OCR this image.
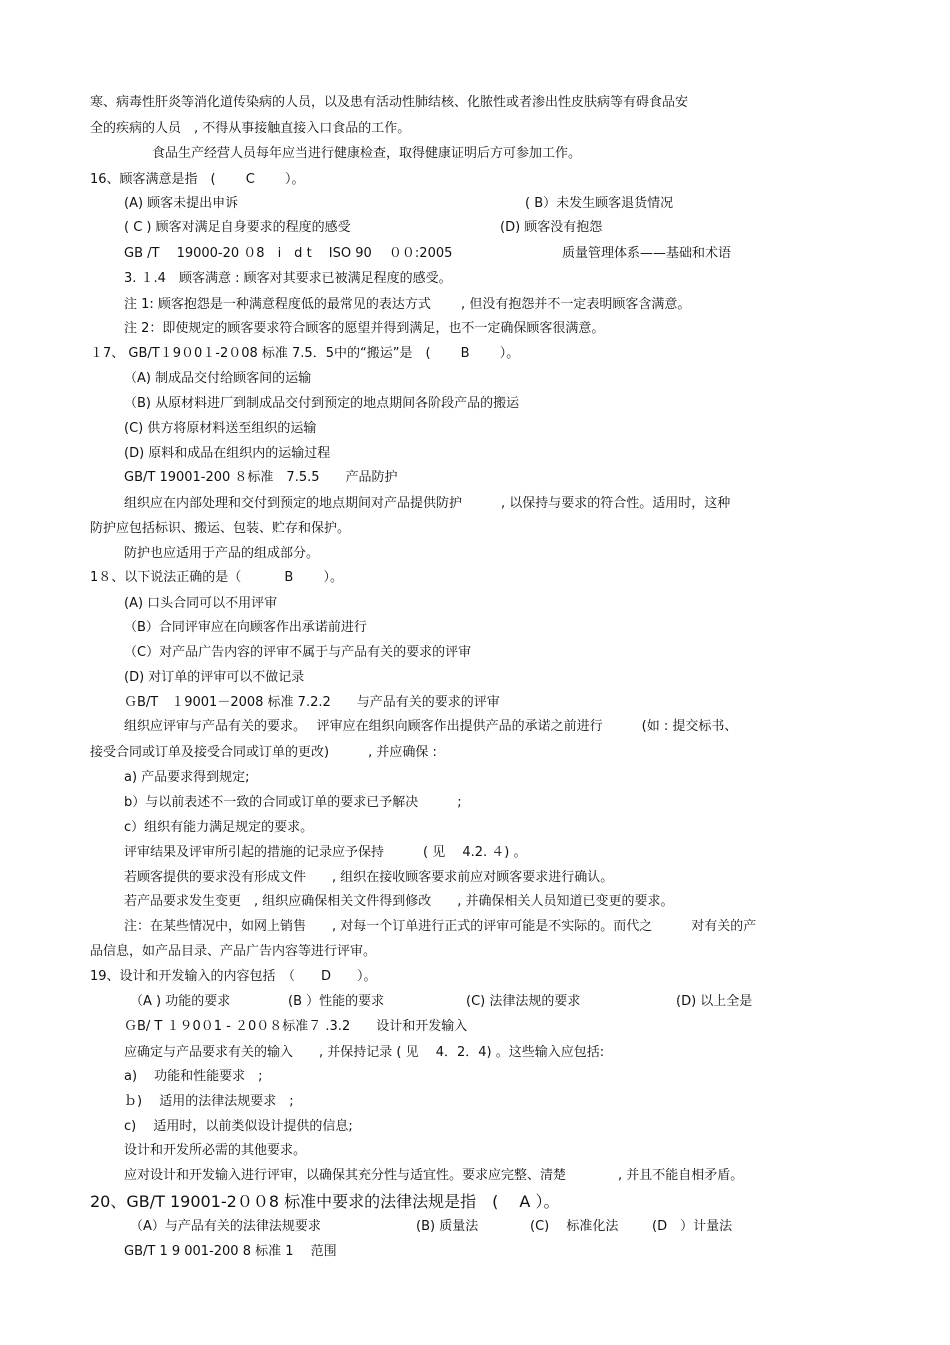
寒、病毒性肝炎等消化道传染病的人员，以及患有活动性肺结核、化脓性或者渗出性皮肤病等有碍食品安
全的疾病的人员　, 不得从事接触直接入口食品的工作。
食品生产经营人员每年应当进行健康检查，取得健康证明后方可参加工作。
16、顾客满意是指　(　　 C　　 ）。
(A) 顾客未提出申诉	( B）未发生顾客退货情况
( C ) 顾客对满足自身要求的程度的感受	(D) 顾客没有抱怨
GB /T　 19000-20 ０8　i　d t　 ISO 90　 ００:2005	质量管理体系——基础和术语
3. １.4　顾客满意 : 顾客对其要求已被满足程度的感受。
注 1: 顾客抱怨是一种满意程度低的最常见的表达方式　　 , 但没有抱怨并不一定表明顾客含满意。
注 2：即使规定的顾客要求符合顾客的愿望并得到满足，也不一定确保顾客很满意。
１7、 GB/T１9０0１-2０08 标准 7.5．5中的“搬运”是　(　　 B　　 ）。
（A) 制成品交付给顾客间的运输
（B) 从原材料进厂到制成品交付到预定的地点期间各阶段产品的搬运
(C) 供方将原材料送至组织的运输
(D) 原料和成品在组织内的运输过程
GB/T 19001-200 ８标准　7.5.5　　产品防护
组织应在内部处理和交付到预定的地点期间对产品提供防护　　　, 以保持与要求的符合性。适用时，这种
防护应包括标识、搬运、包装、贮存和保护。
防护也应适用于产品的组成部分。
1８、以下说法正确的是（　　　 B　　 ）。
(A) 口头合同可以不用评审
（B）合同评审应在向顾客作出承诺前进行
（C）对产品广告内容的评审不属于与产品有关的要求的评审
(D) 对订单的评审可以不做记录
ＧB/T　１9001－2008 标准 7.2.2　　与产品有关的要求的评审
组织应评审与产品有关的要求。　 评审应在组织向顾客作出提供产品的承诺之前进行　　　(如 : 提交标书、
接受合同或订单及接受合同或订单的更改)　　　, 并应确保 :
a) 产品要求得到规定;
b）与以前表述不一致的合同或订单的要求已予解决　　　;
c）组织有能力满足规定的要求。
评审结果及评审所引起的措施的记录应予保持　　　( 见　 4.2. ４) 。
若顾客提供的要求没有形成文件　　, 组织在接收顾客要求前应对顾客要求进行确认。
若产品要求发生变更　, 组织应确保相关文件得到修改　　, 并确保相关人员知道已变更的要求。
注：在某些情况中，如网上销售　　, 对每一个订单进行正式的评审可能是不实际的。而代之　　　对有关的产
品信息，如产品目录、产品广告内容等进行评审。
19、设计和开发输入的内容包括　（　　D　　）。
（A ) 功能的要求	(B ）性能的要求	(C) 法律法规的要求	(D) 以上全是
ＧB/ T １９0０1 - ２0０８标准７ .3.2　　设计和开发输入
应确定与产品要求有关的输入　　, 并保持记录 ( 见　 4．2．4) 。这些输入应包括:
a)　 功能和性能要求　;
ｂ)　 适用的法律法规要求　;
c)　 适用时，以前类似设计提供的信息;
设计和开发所必需的其他要求。
应对设计和开发输入进行评审，以确保其充分性与适宜性。要求应完整、清楚　　　　, 并且不能自相矛盾。
20、GB/T 19001-2００8 标准中要求的法律法规是指　(　 A ）。
（A）与产品有关的法律法规要求	(B) 质量法	(C)　 标准化法	(D　）计量法
GB/T 1 9 001-200 8 标准 1　 范围
